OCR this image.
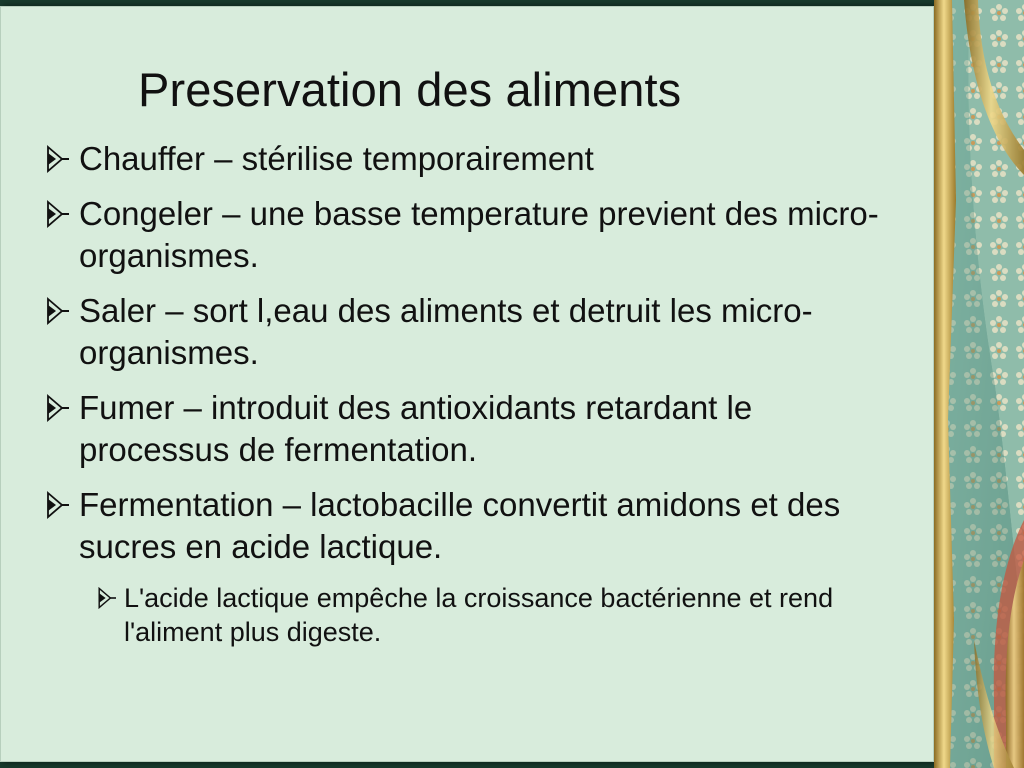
Preservation des aliments
Chauffer – stérilise temporairement
Congeler – une basse temperature previent des micro-organismes.
Saler – sort l,eau des aliments et detruit les micro-organismes.
Fumer – introduit des antioxidants retardant le processus de fermentation.
Fermentation – lactobacille convertit amidons et des sucres en acide lactique.
L'acide lactique empêche la croissance bactérienne et rend l'aliment plus digeste.
